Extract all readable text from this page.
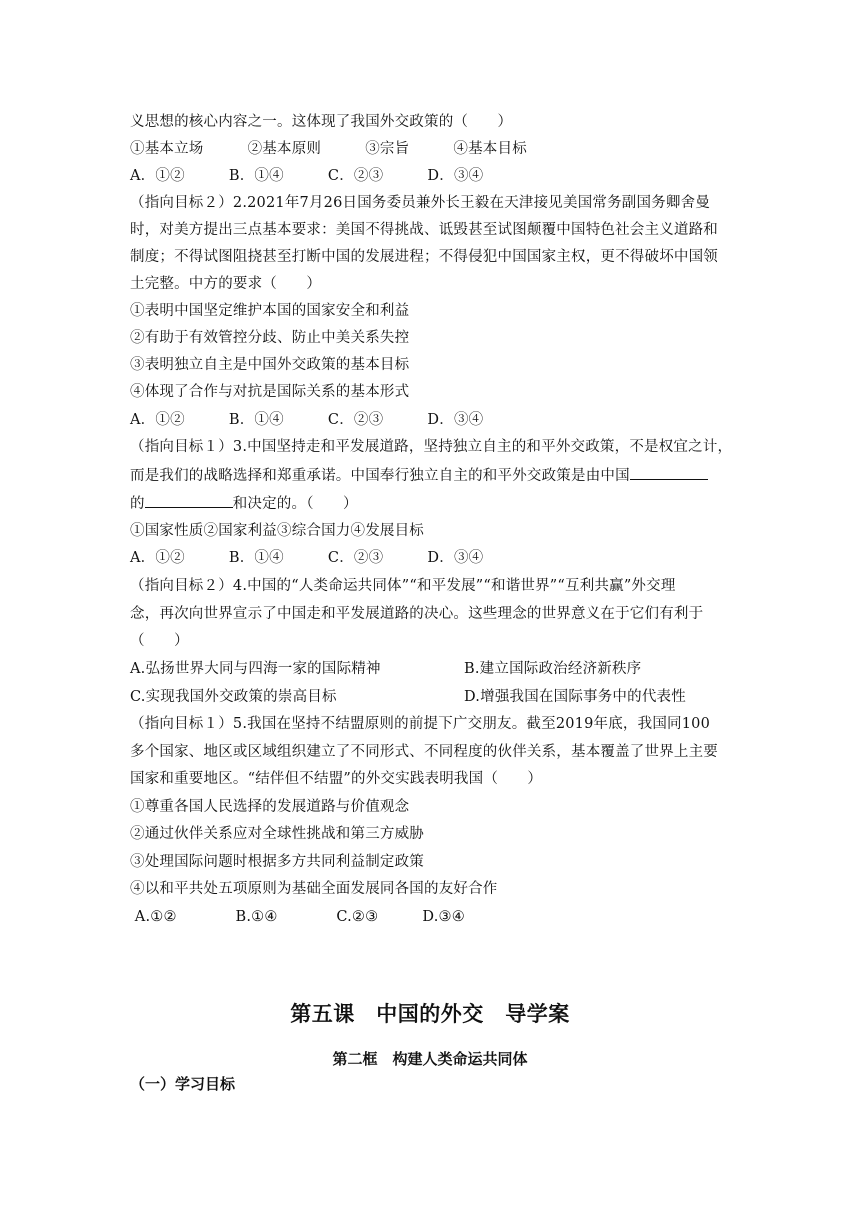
义思想的核心内容之一。这体现了我国外交政策的（　　）
①基本立场　　　②基本原则　　　③宗旨　　　④基本目标
A．①②　　　B．①④　　　C．②③　　　D．③④
（指向目标２）2.2021年7月26日国务委员兼外长王毅在天津接见美国常务副国务卿舍曼
时，对美方提出三点基本要求：美国不得挑战、诋毁甚至试图颠覆中国特色社会主义道路和
制度；不得试图阻挠甚至打断中国的发展进程；不得侵犯中国国家主权，更不得破坏中国领
土完整。中方的要求（　　）
①表明中国坚定维护本国的国家安全和利益
②有助于有效管控分歧、防止中美关系失控
③表明独立自主是中国外交政策的基本目标
④体现了合作与对抗是国际关系的基本形式
A．①②　　　B．①④　　　C．②③　　　D．③④
（指向目标１）3.中国坚持走和平发展道路，坚持独立自主的和平外交政策，不是权宜之计，
而是我们的战略选择和郑重承诺。中国奉行独立自主的和平外交政策是由中国
的	和决定的。（　　）
①国家性质②国家利益③综合国力④发展目标
A．①②　　　B．①④　　　C．②③　　　D．③④
（指向目标２）4.中国的“人类命运共同体”“和平发展”“和谐世界”“互利共赢”外交理
念，再次向世界宣示了中国走和平发展道路的决心。这些理念的世界意义在于它们有利于
（　　）
A.弘扬世界大同与四海一家的国际精神	B.建立国际政治经济新秩序
C.实现我国外交政策的崇高目标	D.增强我国在国际事务中的代表性
（指向目标１）5.我国在坚持不结盟原则的前提下广交朋友。截至2019年底，我国同100
多个国家、地区或区域组织建立了不同形式、不同程度的伙伴关系，基本覆盖了世界上主要
国家和重要地区。“结伴但不结盟”的外交实践表明我国（　　）
①尊重各国人民选择的发展道路与价值观念
②通过伙伴关系应对全球性挑战和第三方威胁
③处理国际问题时根据多方共同利益制定政策
④以和平共处五项原则为基础全面发展同各国的友好合作
A.①②　　　　B.①④　　　　C.②③　　　D.③④
第五课　中国的外交　导学案
第二框　构建人类命运共同体
（一）学习目标
